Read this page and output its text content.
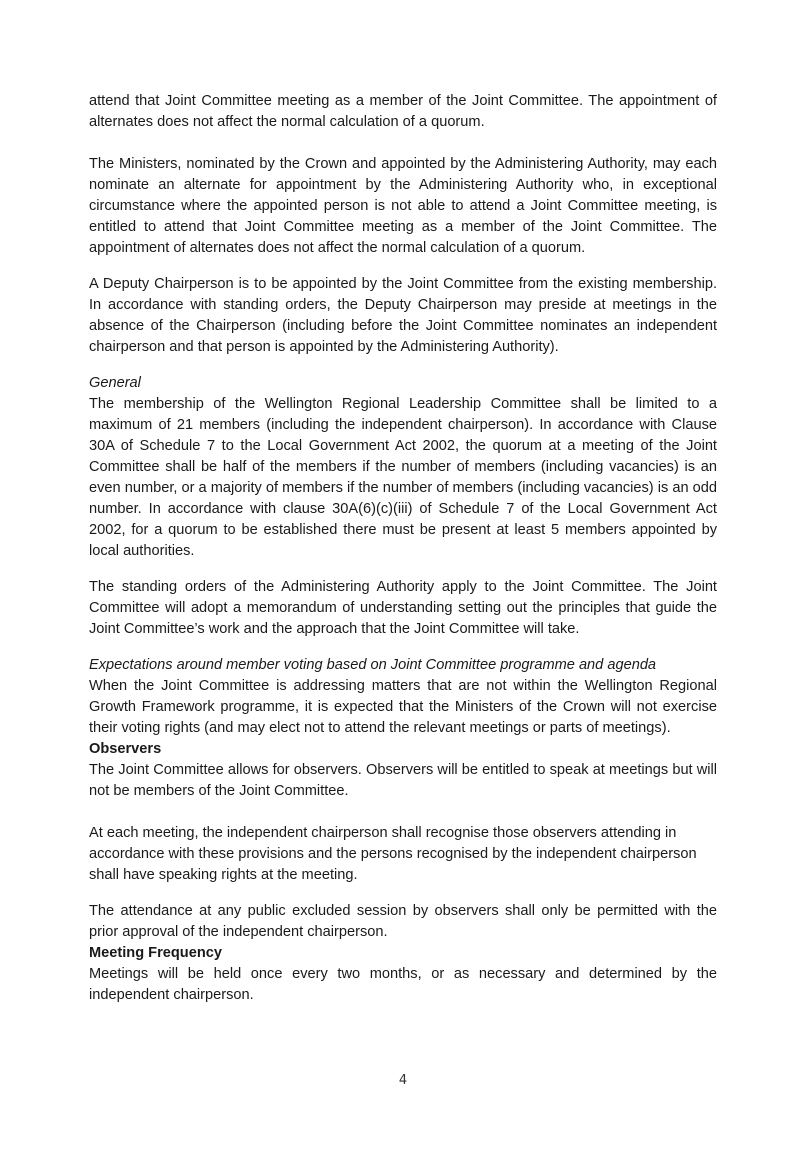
attend that Joint Committee meeting as a member of the Joint Committee. The appointment of alternates does not affect the normal calculation of a quorum.

The Ministers, nominated by the Crown and appointed by the Administering Authority, may each nominate an alternate for appointment by the Administering Authority who, in exceptional circumstance where the appointed person is not able to attend a Joint Committee meeting, is entitled to attend that Joint Committee meeting as a member of the Joint Committee. The appointment of alternates does not affect the normal calculation of a quorum.

A Deputy Chairperson is to be appointed by the Joint Committee from the existing membership. In accordance with standing orders, the Deputy Chairperson may preside at meetings in the absence of the Chairperson (including before the Joint Committee nominates an independent chairperson and that person is appointed by the Administering Authority).

General

The membership of the Wellington Regional Leadership Committee shall be limited to a maximum of 21 members (including the independent chairperson). In accordance with Clause 30A of Schedule 7 to the Local Government Act 2002, the quorum at a meeting of the Joint Committee shall be half of the members if the number of members (including vacancies) is an even number, or a majority of members if the number of members (including vacancies) is an odd number. In accordance with clause 30A(6)(c)(iii) of Schedule 7 of the Local Government Act 2002, for a quorum to be established there must be present at least 5 members appointed by local authorities.

The standing orders of the Administering Authority apply to the Joint Committee. The Joint Committee will adopt a memorandum of understanding setting out the principles that guide the Joint Committee’s work and the approach that the Joint Committee will take.

Expectations around member voting based on Joint Committee programme and agenda

When the Joint Committee is addressing matters that are not within the Wellington Regional Growth Framework programme, it is expected that the Ministers of the Crown will not exercise their voting rights (and may elect not to attend the relevant meetings or parts of meetings).

Observers

The Joint Committee allows for observers. Observers will be entitled to speak at meetings but will not be members of the Joint Committee.

At each meeting, the independent chairperson shall recognise those observers attending in accordance with these provisions and the persons recognised by the independent chairperson shall have speaking rights at the meeting.

The attendance at any public excluded session by observers shall only be permitted with the prior approval of the independent chairperson.

Meeting Frequency

Meetings will be held once every two months, or as necessary and determined by the independent chairperson.

4
